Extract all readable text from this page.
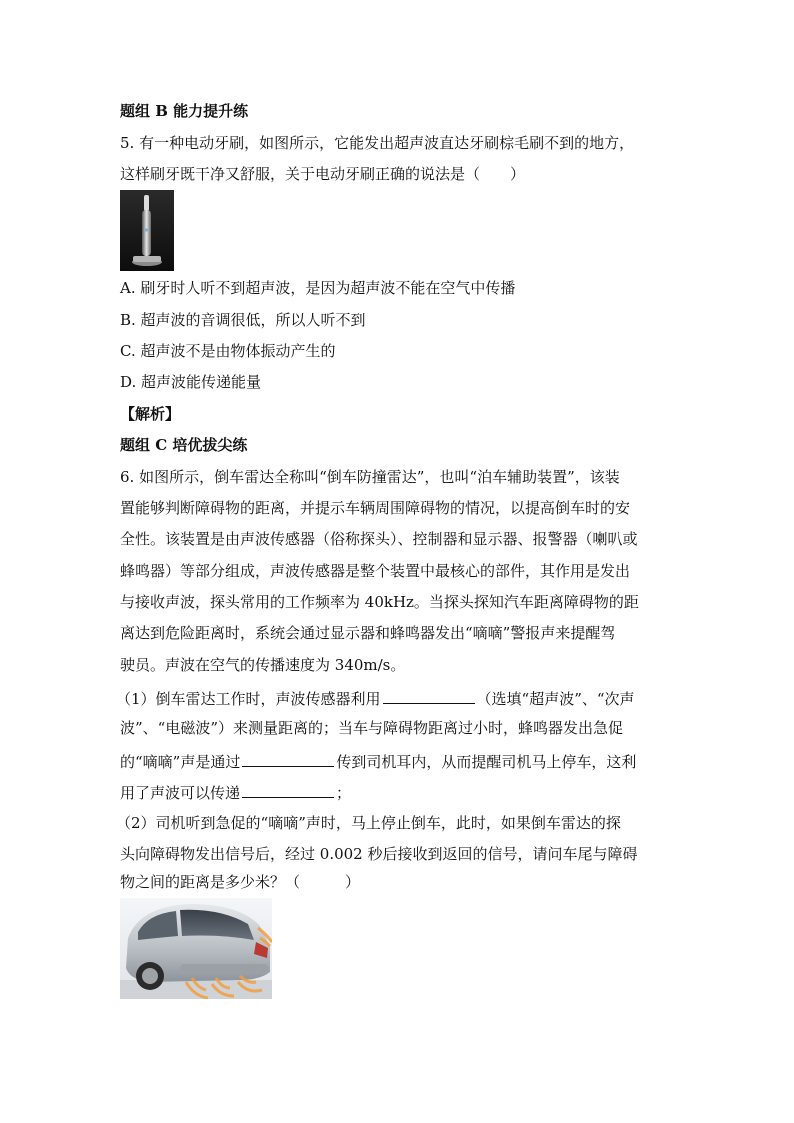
题组 B 能力提升练
5. 有一种电动牙刷，如图所示，它能发出超声波直达牙刷棕毛刷不到的地方，
这样刷牙既干净又舒服，关于电动牙刷正确的说法是（　　）
A. 刷牙时人听不到超声波，是因为超声波不能在空气中传播
B. 超声波的音调很低，所以人听不到
C. 超声波不是由物体振动产生的
D. 超声波能传递能量
【解析】
题组 C 培优拔尖练
6. 如图所示，倒车雷达全称叫“倒车防撞雷达”，也叫“泊车辅助装置”，该装
置能够判断障碍物的距离，并提示车辆周围障碍物的情况，以提高倒车时的安
全性。该装置是由声波传感器（俗称探头）、控制器和显示器、报警器（喇叭或
蜂鸣器）等部分组成，声波传感器是整个装置中最核心的部件，其作用是发出
与接收声波，探头常用的工作频率为 40kHz。当探头探知汽车距离障碍物的距
离达到危险距离时，系统会通过显示器和蜂鸣器发出“嘀嘀”警报声来提醒驾
驶员。声波在空气的传播速度为 340m/s。
（1）倒车雷达工作时，声波传感器利用	（选填“超声波”、“次声
波”、“电磁波”）来测量距离的；当车与障碍物距离过小时，蜂鸣器发出急促
的“嘀嘀”声是通过	传到司机耳内，从而提醒司机马上停车，这利
用了声波可以传递	；
（2）司机听到急促的“嘀嘀”声时，马上停止倒车，此时，如果倒车雷达的探
头向障碍物发出信号后，经过 0.002 秒后接收到返回的信号，请问车尾与障碍
物之间的距离是多少米？（　　　）
